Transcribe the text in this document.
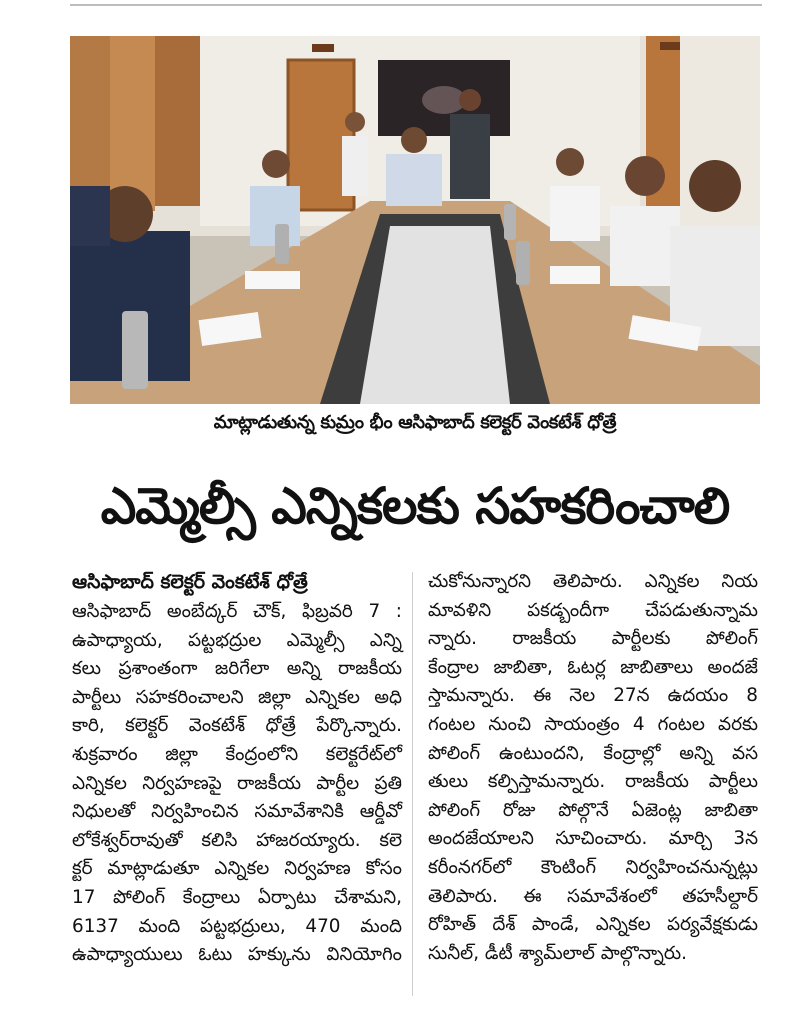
మాట్లాడుతున్న కుమ్రం భీం ఆసిఫాబాద్ కలెక్టర్ వెంకటేశ్ ధోత్రే
ఎమ్మెల్సీ ఎన్నికలకు సహకరించాలి
ఆసిఫాబాద్ కలెక్టర్ వెంకటేశ్ ధోత్రే
ఆసిఫాబాద్ అంబేద్కర్ చౌక్, ఫిబ్రవరి 7 :
ఉపాధ్యాయ, పట్టభద్రుల ఎమ్మెల్సీ ఎన్ని
కలు ప్రశాంతంగా జరిగేలా అన్ని రాజకీయ
పార్టీలు సహకరించాలని జిల్లా ఎన్నికల అధి
కారి, కలెక్టర్ వెంకటేశ్ ధోత్రే పేర్కొన్నారు.
శుక్రవారం జిల్లా కేంద్రంలోని కలెక్టరేట్‌లో
ఎన్నికల నిర్వహణపై రాజకీయ పార్టీల ప్రతి
నిధులతో నిర్వహించిన సమావేశానికి ఆర్డీవో
లోకేశ్వర్‌రావుతో కలిసి హాజరయ్యారు. కలె
క్టర్ మాట్లాడుతూ ఎన్నికల నిర్వహణ కోసం
17 పోలింగ్ కేంద్రాలు ఏర్పాటు చేశామని,
6137 మంది పట్టభద్రులు, 470 మంది
ఉపాధ్యాయులు ఓటు హక్కును వినియోగిం
చుకోనున్నారని తెలిపారు. ఎన్నికల నియ
మావళిని పకడ్బందీగా చేపడుతున్నామ
న్నారు. రాజకీయ పార్టీలకు పోలింగ్
కేంద్రాల జాబితా, ఓటర్ల జాబితాలు అందజే
స్తామన్నారు. ఈ నెల 27న ఉదయం 8
గంటల నుంచి సాయంత్రం 4 గంటల వరకు
పోలింగ్ ఉంటుందని, కేంద్రాల్లో అన్ని వస
తులు కల్పిస్తామన్నారు. రాజకీయ పార్టీలు
పోలింగ్ రోజు పోల్గొనే ఏజెంట్ల జాబితా
అందజేయాలని సూచించారు. మార్చి 3న
కరీంనగర్‌లో కౌంటింగ్ నిర్వహించనున్నట్లు
తెలిపారు. ఈ సమావేశంలో తహసీల్దార్
రోహిత్ దేశ్ పాండే, ఎన్నికల పర్యవేక్షకుడు
సునీల్, డీటీ శ్యామ్‌లాల్ పాల్గొన్నారు.
